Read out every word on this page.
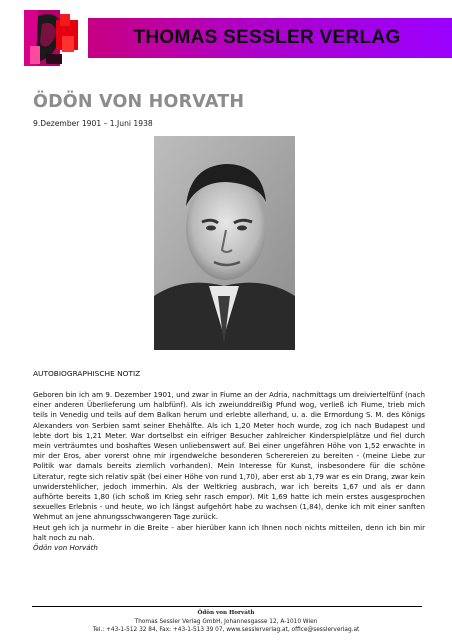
THOMAS SESSLER VERLAG
ÖDÖN VON HORVATH
9.Dezember 1901 – 1.Juni 1938
AUTOBIOGRAPHISCHE NOTIZ

Geboren bin ich am 9. Dezember 1901, und zwar in Fiume an der Adria, nachmittags um dreiviertelfünf (nach einer anderen Überlieferung um halbfünf). Als ich zweiunddreißig Pfund wog, verließ ich Fiume, trieb mich teils in Venedig und teils auf dem Balkan herum und erlebte allerhand, u. a. die Ermordung S. M. des Königs Alexanders von Serbien samt seiner Ehehälfte. Als ich 1,20 Meter hoch wurde, zog ich nach Budapest und lebte dort bis 1,21 Meter. War dortselbst ein eifriger Besucher zahlreicher Kinderspielplätze und fiel durch mein verträumtes und boshaftes Wesen unliebenswert auf. Bei einer ungefähren Höhe von 1,52 erwachte in mir der Eros, aber vorerst ohne mir irgendwelche besonderen Scherereien zu bereiten - (meine Liebe zur Politik war damals bereits ziemlich vorhanden). Mein Interesse für Kunst, insbesondere für die schöne Literatur, regte sich relativ spät (bei einer Höhe von rund 1,70), aber erst ab 1,79 war es ein Drang, zwar kein unwiderstehlicher, jedoch immerhin. Als der Weltkrieg ausbrach, war ich bereits 1,67 und als er dann aufhörte bereits 1,80 (ich schoß im Krieg sehr rasch empor). Mit 1,69 hatte ich mein erstes ausgesprochen sexuelles Erlebnis - und heute, wo ich längst aufgehört habe zu wachsen (1,84), denke ich mit einer sanften Wehmut an jene ahnungsschwangeren Tage zurück.

Heut geh ich ja nurmehr in die Breite - aber hierüber kann ich Ihnen noch nichts mitteilen, denn ich bin mir halt noch zu nah.

Ödön von Horváth

Ödön von Horváth
Thomas Sessler Verlag GmbH, Johannesgasse 12, A-1010 Wien
Tel.: +43-1-512 32 84, Fax: +43-1-513 39 07, www.sesslerverlag.at, office@sesslerverlag.at
